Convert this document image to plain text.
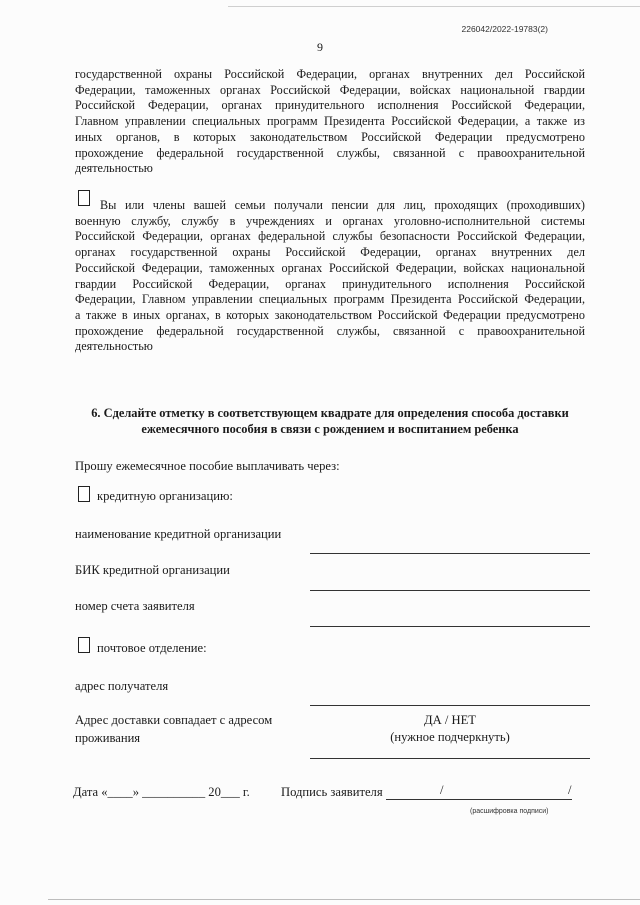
226042/2022-19783(2)
9
государственной охраны Российской Федерации, органах внутренних дел Российской
Федерации, таможенных органах Российской Федерации, войсках национальной гвардии
Российской Федерации, органах принудительного исполнения Российской Федерации,
Главном управлении специальных программ Президента Российской Федерации, а также из
иных органов, в которых законодательством Российской Федерации предусмотрено
прохождение федеральной государственной службы, связанной с правоохранительной
деятельностью
Вы или члены вашей семьи получали пенсии для лиц, проходящих (проходивших)
военную службу, службу в учреждениях и органах уголовно-исполнительной системы
Российской Федерации, органах федеральной службы безопасности Российской Федерации,
органах государственной охраны Российской Федерации, органах внутренних дел
Российской Федерации, таможенных органах Российской Федерации, войсках национальной
гвардии Российской Федерации, органах принудительного исполнения Российской
Федерации, Главном управлении специальных программ Президента Российской Федерации,
а также в иных органах, в которых законодательством Российской Федерации предусмотрено
прохождение федеральной государственной службы, связанной с правоохранительной
деятельностью
6. Сделайте отметку в соответствующем квадрате для определения способа доставки
ежемесячного пособия в связи с рождением и воспитанием ребенка
Прошу ежемесячное пособие выплачивать через:
кредитную организацию:
наименование кредитной организации
БИК кредитной организации
номер счета заявителя
почтовое отделение:
адрес получателя
Адрес доставки совпадает с адресом
проживания
ДА / НЕТ
(нужное подчеркнуть)
Дата «____» __________ 20___ г. Подпись заявителя	/	/
(расшифровка подписи)
